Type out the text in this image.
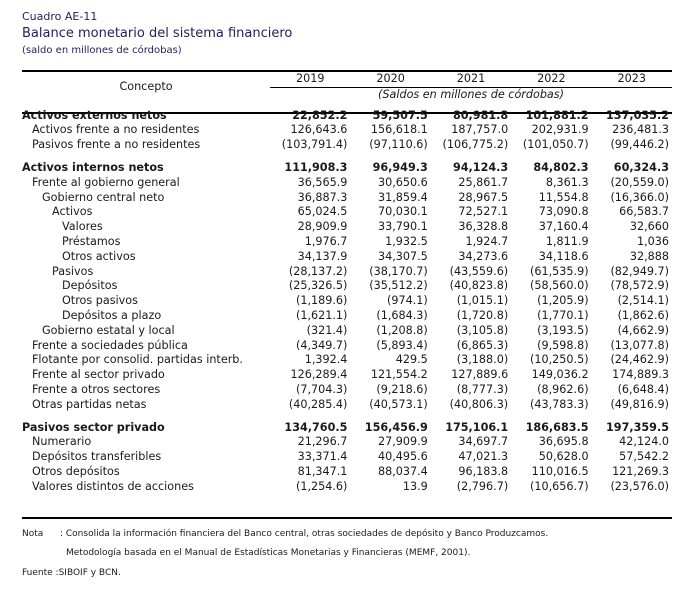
Cuadro AE-11
Balance monetario del sistema financiero
(saldo en millones de córdobas)
Concepto	2019	2020	2021	2022	2023
	(Saldos en millones de córdobas)				

Activos externos netos	22,852.2	59,507.5	80,981.8	101,881.2	137,035.2
Activos frente a no residentes	126,643.6	156,618.1	187,757.0	202,931.9	236,481.3
Pasivos frente a no residentes	(103,791.4)	(97,110.6)	(106,775.2)	(101,050.7)	(99,446.2)

Activos internos netos	111,908.3	96,949.3	94,124.3	84,802.3	60,324.3
Frente al gobierno general	36,565.9	30,650.6	25,861.7	8,361.3	(20,559.0)
Gobierno central neto	36,887.3	31,859.4	28,967.5	11,554.8	(16,366.0)
Activos	65,024.5	70,030.1	72,527.1	73,090.8	66,583.7
Valores	28,909.9	33,790.1	36,328.8	37,160.4	32,660
Préstamos	1,976.7	1,932.5	1,924.7	1,811.9	1,036
Otros activos	34,137.9	34,307.5	34,273.6	34,118.6	32,888
Pasivos	(28,137.2)	(38,170.7)	(43,559.6)	(61,535.9)	(82,949.7)
Depósitos	(25,326.5)	(35,512.2)	(40,823.8)	(58,560.0)	(78,572.9)
Otros pasivos	(1,189.6)	(974.1)	(1,015.1)	(1,205.9)	(2,514.1)
Depósitos a plazo	(1,621.1)	(1,684.3)	(1,720.8)	(1,770.1)	(1,862.6)
Gobierno estatal y local	(321.4)	(1,208.8)	(3,105.8)	(3,193.5)	(4,662.9)
Frente a sociedades pública	(4,349.7)	(5,893.4)	(6,865.3)	(9,598.8)	(13,077.8)
Flotante por consolid. partidas interb.	1,392.4	429.5	(3,188.0)	(10,250.5)	(24,462.9)
Frente al sector privado	126,289.4	121,554.2	127,889.6	149,036.2	174,889.3
Frente a otros sectores	(7,704.3)	(9,218.6)	(8,777.3)	(8,962.6)	(6,648.4)
Otras partidas netas	(40,285.4)	(40,573.1)	(40,806.3)	(43,783.3)	(49,816.9)

Pasivos sector privado	134,760.5	156,456.9	175,106.1	186,683.5	197,359.5
Numerario	21,296.7	27,909.9	34,697.7	36,695.8	42,124.0
Depósitos transferibles	33,371.4	40,495.6	47,021.3	50,628.0	57,542.2
Otros depósitos	81,347.1	88,037.4	96,183.8	110,016.5	121,269.3
Valores distintos de acciones	(1,254.6)	13.9	(2,796.7)	(10,656.7)	(23,576.0)
Nota : Consolida la información financiera del Banco central, otras sociedades de depósito y Banco Produzcamos.
Metodología basada en el Manual de Estadísticas Monetarias y Financieras (MEMF, 2001).
Fuente :SIBOIF y BCN.
